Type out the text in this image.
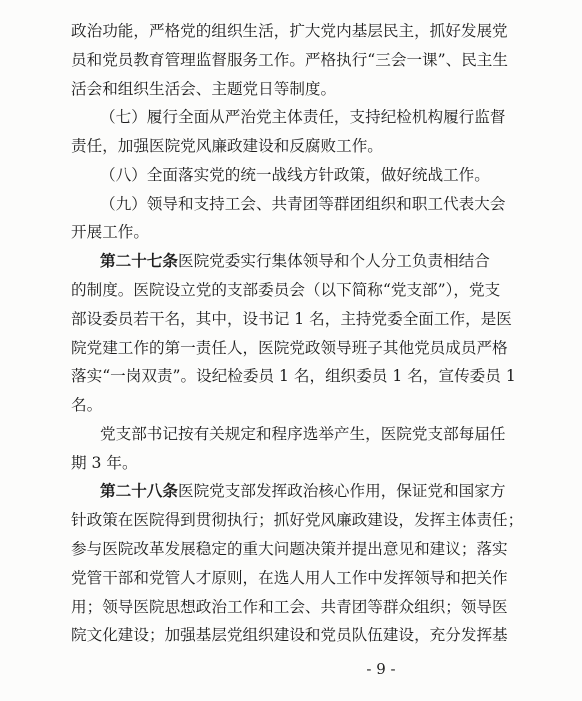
政治功能，严格党的组织生活，扩大党内基层民主，抓好发展党
员和党员教育管理监督服务工作。严格执行“三会一课”、民主生
活会和组织生活会、主题党日等制度。
（七）履行全面从严治党主体责任，支持纪检机构履行监督
责任，加强医院党风廉政建设和反腐败工作。
（八）全面落实党的统一战线方针政策，做好统战工作。
（九）领导和支持工会、共青团等群团组织和职工代表大会
开展工作。
第二十七条医院党委实行集体领导和个人分工负责相结合
的制度。医院设立党的支部委员会（以下简称“党支部”），党支
部设委员若干名，其中，设书记 1 名，主持党委全面工作，是医
院党建工作的第一责任人，医院党政领导班子其他党员成员严格
落实“一岗双责”。设纪检委员 1 名，组织委员 1 名，宣传委员 1
名。
党支部书记按有关规定和程序选举产生，医院党支部每届任
期 3 年。
第二十八条医院党支部发挥政治核心作用，保证党和国家方
针政策在医院得到贯彻执行；抓好党风廉政建设，发挥主体责任；
参与医院改革发展稳定的重大问题决策并提出意见和建议；落实
党管干部和党管人才原则，在选人用人工作中发挥领导和把关作
用；领导医院思想政治工作和工会、共青团等群众组织；领导医
院文化建设；加强基层党组织建设和党员队伍建设，充分发挥基
- 9 -
